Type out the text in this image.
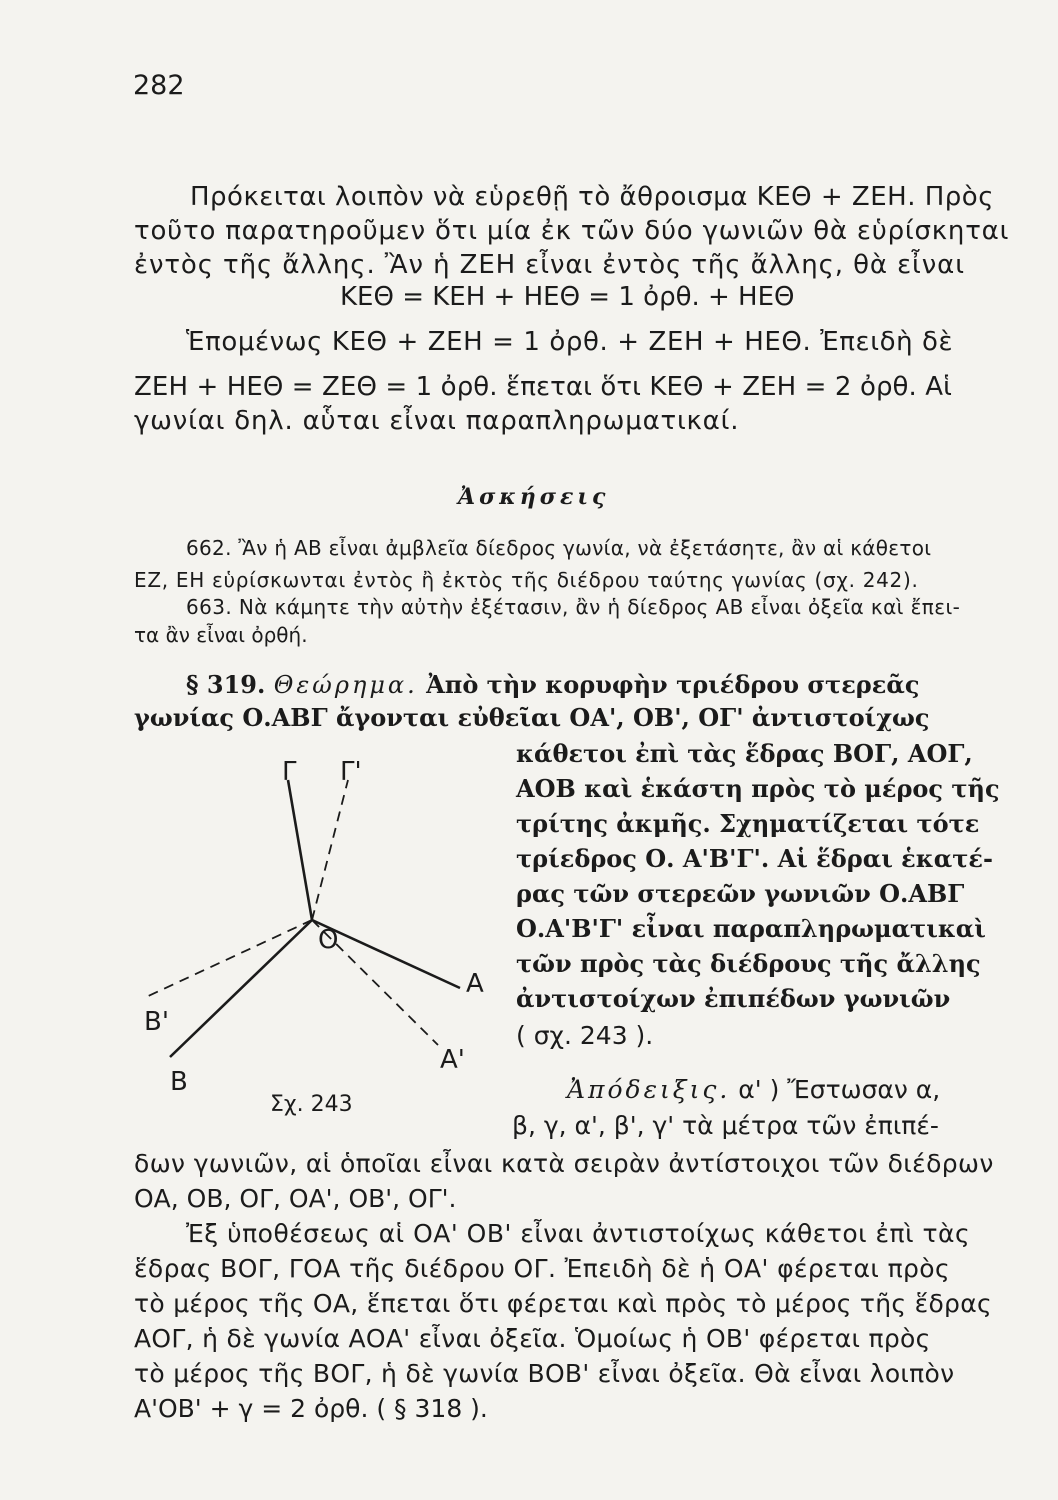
282
Πρόκειται λοιπὸν νὰ εὑρεθῇ τὸ ἄθροισμα ΚΕΘ + ΖΕΗ. Πρὸς
τοῦτο παρατηροῦμεν ὅτι μία ἐκ τῶν δύο γωνιῶν θὰ εὑρίσκηται
ἐντὸς τῆς ἄλλης. Ἂν ἡ ΖΕΗ εἶναι ἐντὸς τῆς ἄλλης, θὰ εἶναι
ΚΕΘ = ΚΕΗ + ΗΕΘ = 1 ὀρθ. + ΗΕΘ
Ἑπομένως ΚΕΘ + ΖΕΗ = 1 ὀρθ. + ΖΕΗ + ΗΕΘ. Ἐπειδὴ δὲ
ΖΕΗ + ΗΕΘ = ΖΕΘ = 1 ὀρθ. ἕπεται ὅτι ΚΕΘ + ΖΕΗ = 2 ὀρθ. Αἱ
γωνίαι δηλ. αὗται εἶναι παραπληρωματικαί.
Ἀσκήσεις
662. Ἂν ἡ ΑΒ εἶναι ἀμβλεῖα δίεδρος γωνία, νὰ ἐξετάσητε, ἂν αἱ κάθετοι
ΕΖ, ΕΗ εὑρίσκωνται ἐντὸς ἢ ἐκτὸς τῆς διέδρου ταύτης γωνίας (σχ. 242).
663. Νὰ κάμητε τὴν αὐτὴν ἐξέτασιν, ἂν ἡ δίεδρος ΑΒ εἶναι ὀξεῖα καὶ ἔπει-
τα ἂν εἶναι ὀρθή.
§ 319. Θεώρημα. Ἀπὸ τὴν κορυφὴν τριέδρου στερεᾶς
γωνίας Ο.ΑΒΓ ἄγονται εὐθεῖαι ΟΑ', ΟΒ', ΟΓ' ἀντιστοίχως
κάθετοι ἐπὶ τὰς ἕδρας ΒΟΓ, ΑΟΓ,
ΑΟΒ καὶ ἑκάστη πρὸς τὸ μέρος τῆς
τρίτης ἀκμῆς. Σχηματίζεται τότε
τρίεδρος Ο. Α'Β'Γ'. Αἱ ἕδραι ἑκατέ-
ρας τῶν στερεῶν γωνιῶν Ο.ΑΒΓ
Ο.Α'Β'Γ' εἶναι παραπληρωματικαὶ
τῶν πρὸς τὰς διέδρους τῆς ἄλλης
ἀντιστοίχων ἐπιπέδων γωνιῶν
( σχ. 243 ).
Γ Γ'
Ο
Α
Α'
Β
Β'
Σχ. 243
Ἀπόδειξις. α' ) Ἔστωσαν α,
β, γ, α', β', γ' τὰ μέτρα τῶν ἐπιπέ-
δων γωνιῶν, αἱ ὁποῖαι εἶναι κατὰ σειρὰν ἀντίστοιχοι τῶν διέδρων
ΟΑ, ΟΒ, ΟΓ, ΟΑ', ΟΒ', ΟΓ'.
Ἐξ ὑποθέσεως αἱ ΟΑ' ΟΒ' εἶναι ἀντιστοίχως κάθετοι ἐπὶ τὰς
ἕδρας ΒΟΓ, ΓΟΑ τῆς διέδρου ΟΓ. Ἐπειδὴ δὲ ἡ ΟΑ' φέρεται πρὸς
τὸ μέρος τῆς ΟΑ, ἕπεται ὅτι φέρεται καὶ πρὸς τὸ μέρος τῆς ἕδρας
ΑΟΓ, ἡ δὲ γωνία ΑΟΑ' εἶναι ὀξεῖα. Ὁμοίως ἡ ΟΒ' φέρεται πρὸς
τὸ μέρος τῆς ΒΟΓ, ἡ δὲ γωνία ΒΟΒ' εἶναι ὀξεῖα. Θὰ εἶναι λοιπὸν
Α'ΟΒ' + γ = 2 ὀρθ. ( § 318 ).
